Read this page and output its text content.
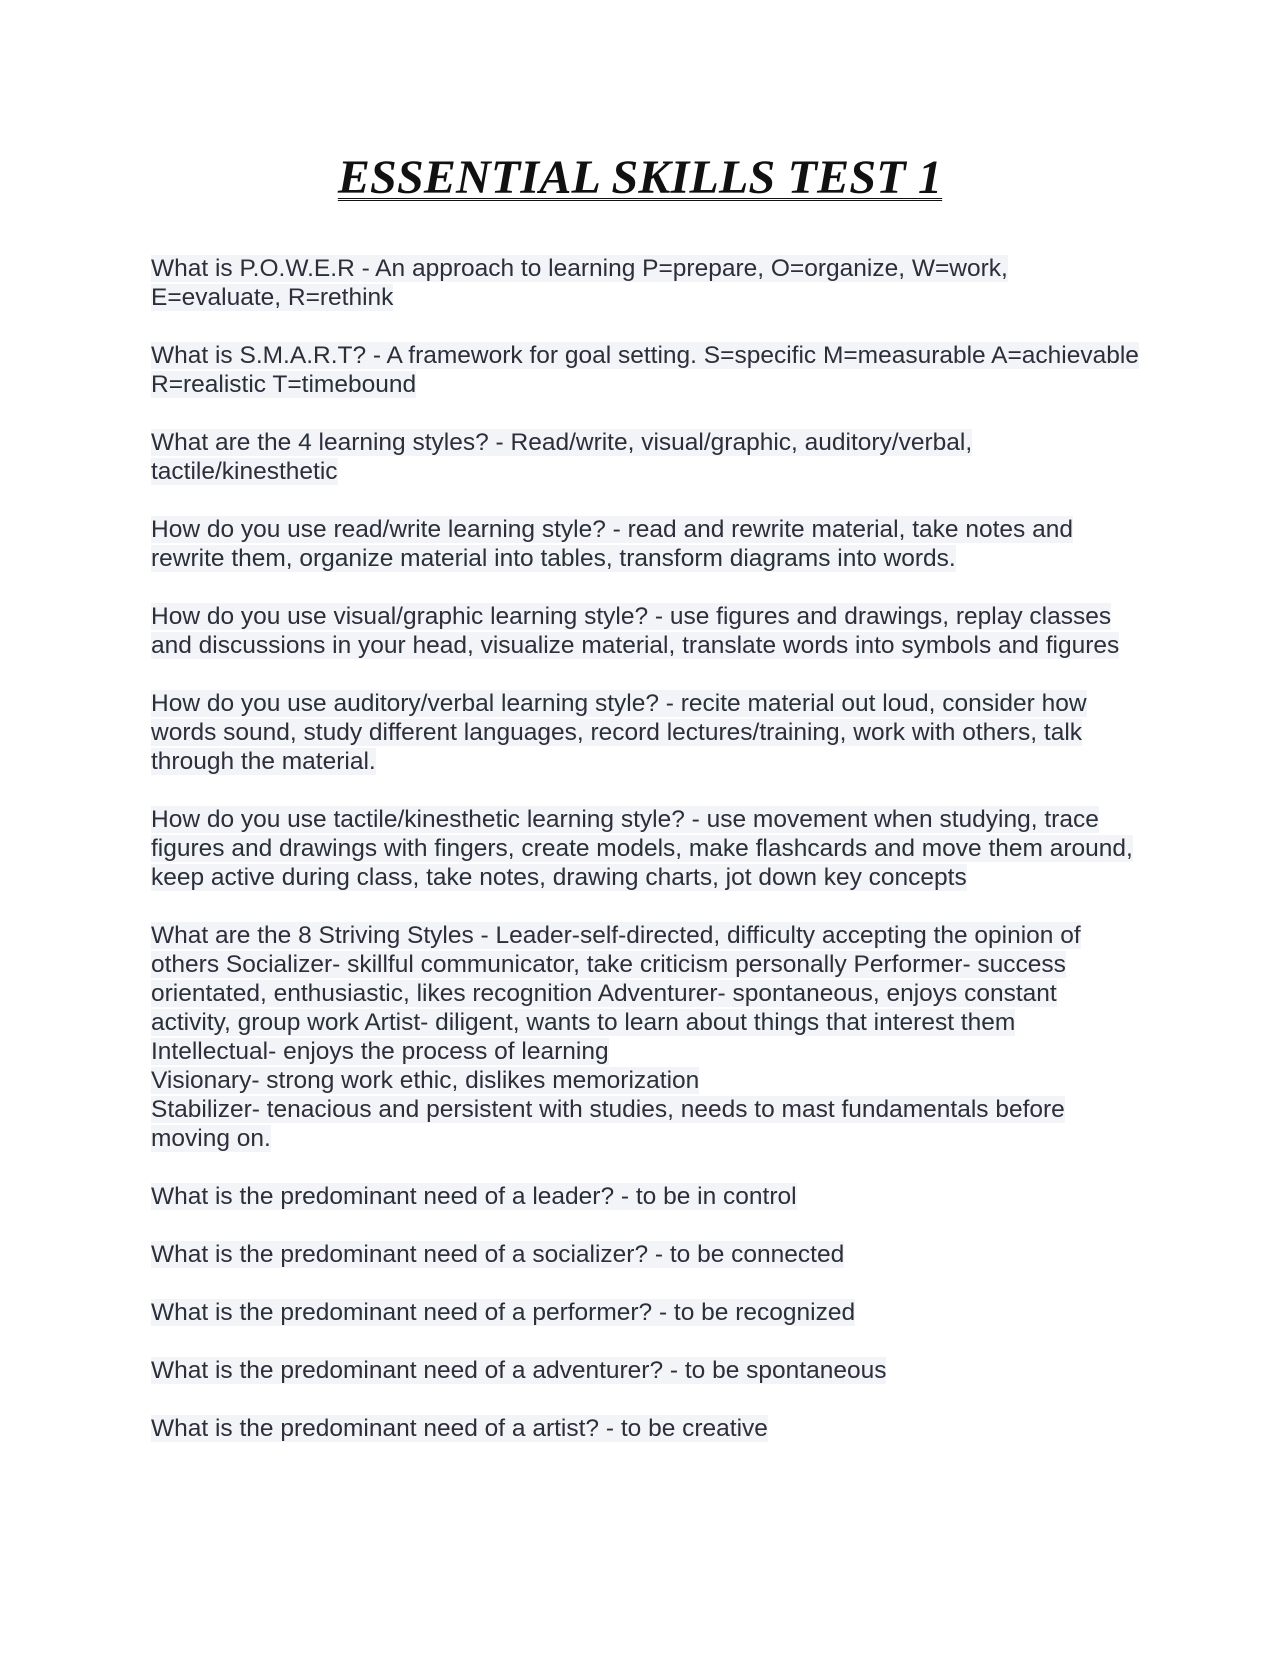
ESSENTIAL SKILLS TEST 1

What is P.O.W.E.R - An approach to learning P=prepare, O=organize, W=work, E=evaluate, R=rethink

What is S.M.A.R.T? - A framework for goal setting. S=specific M=measurable A=achievable R=realistic T=timebound

What are the 4 learning styles? - Read/write, visual/graphic, auditory/verbal, tactile/kinesthetic

How do you use read/write learning style? - read and rewrite material, take notes and rewrite them, organize material into tables, transform diagrams into words.

How do you use visual/graphic learning style? - use figures and drawings, replay classes and discussions in your head, visualize material, translate words into symbols and figures

How do you use auditory/verbal learning style? - recite material out loud, consider how words sound, study different languages, record lectures/training, work with others, talk through the material.

How do you use tactile/kinesthetic learning style? - use movement when studying, trace figures and drawings with fingers, create models, make flashcards and move them around, keep active during class, take notes, drawing charts, jot down key concepts

What are the 8 Striving Styles - Leader-self-directed, difficulty accepting the opinion of others Socializer- skillful communicator, take criticism personally Performer- success orientated, enthusiastic, likes recognition Adventurer- spontaneous, enjoys constant activity, group work Artist- diligent, wants to learn about things that interest them
Intellectual- enjoys the process of learning
Visionary- strong work ethic, dislikes memorization
Stabilizer- tenacious and persistent with studies, needs to mast fundamentals before moving on.

What is the predominant need of a leader? - to be in control

What is the predominant need of a socializer? - to be connected

What is the predominant need of a performer? - to be recognized

What is the predominant need of a adventurer? - to be spontaneous

What is the predominant need of a artist? - to be creative
